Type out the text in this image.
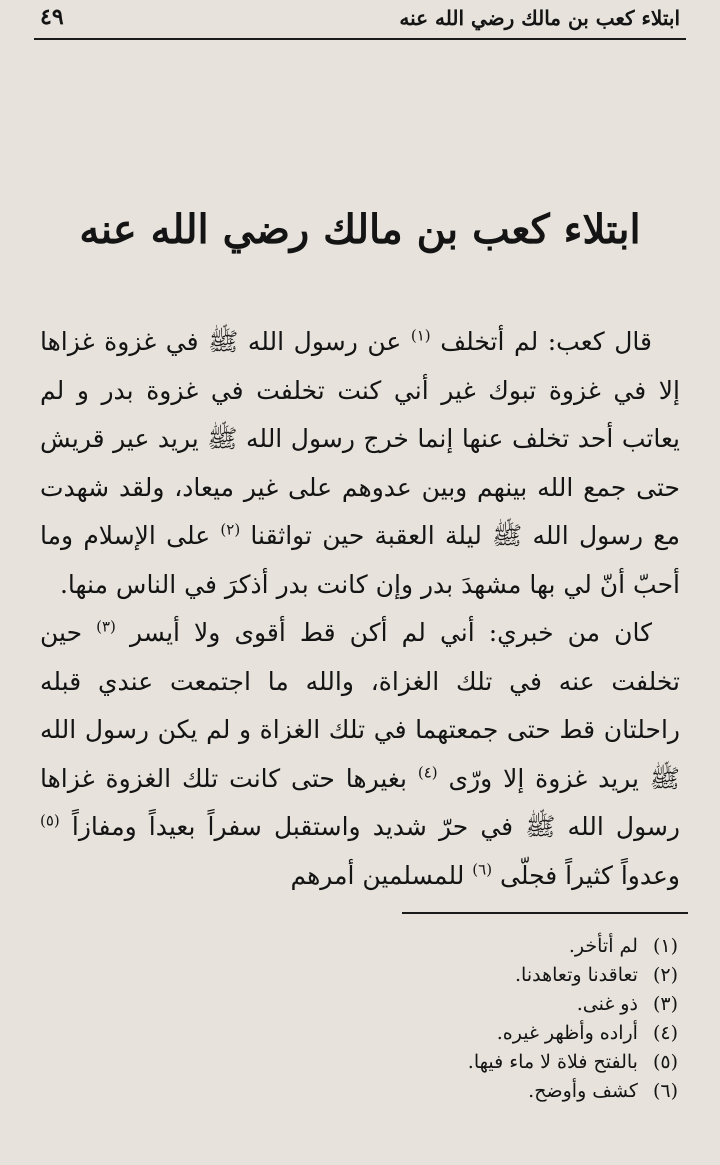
ابتلاء كعب بن مالك رضي الله عنه
٤٩
ابتلاء كعب بن مالك رضي الله عنه

قال كعب: لم أتخلف $^{(١)}$ عن رسول الله ﷺ في غزوة غزاها إلا في غزوة تبوك غير أني كنت تخلفت في غزوة بدر و لم يعاتب أحد تخلف عنها إنما خرج رسول الله ﷺ يريد عير قريش حتى جمع الله بينهم وبين عدوهم على غير ميعاد، ولقد شهدت مع رسول الله ﷺ ليلة العقبة حين تواثقنا $^{(٢)}$ على الإسلام وما أحبّ أنّ لي بها مشهدَ بدر وإن كانت بدر أذكرَ في الناس منها.

كان من خبري: أني لم أكن قط أقوى ولا أيسر $^{(٣)}$ حين تخلفت عنه في تلك الغزاة، والله ما اجتمعت عندي قبله راحلتان قط حتى جمعتهما في تلك الغزاة و لم يكن رسول الله ﷺ يريد غزوة إلا ورّى $^{(٤)}$ بغيرها حتى كانت تلك الغزوة غزاها رسول الله ﷺ في حرّ شديد واستقبل سفراً بعيداً ومفازاً $^{(٥)}$ وعدواً كثيراً فجلّى $^{(٦)}$ للمسلمين أمرهم

(١) لم أتأخر.
(٢) تعاقدنا وتعاهدنا.
(٣) ذو غنى.
(٤) أراده وأظهر غيره.
(٥) بالفتح فلاة لا ماء فيها.
(٦) كشف وأوضح.
